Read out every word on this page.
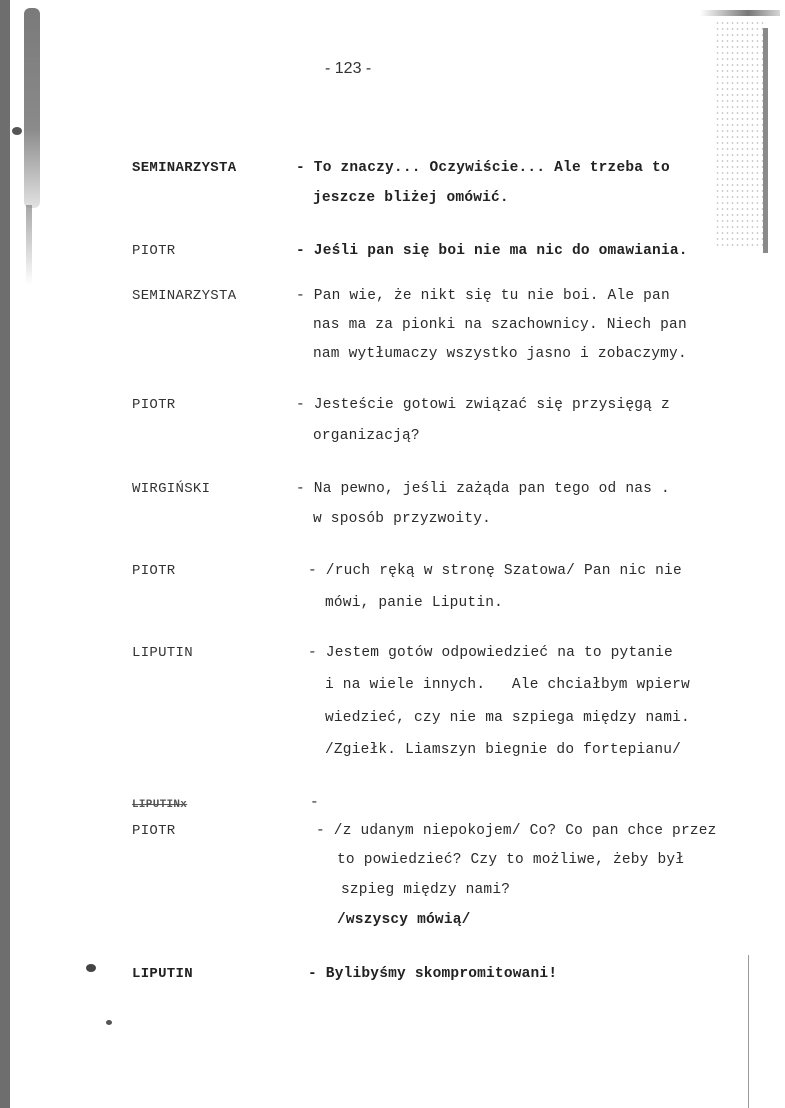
- 123 -
SEMINARZYSTA	- To znaczy... Oczywiście... Ale trzeba to
jeszcze bliżej omówić.
PIOTR	- Jeśli pan się boi nie ma nic do omawiania.
SEMINARZYSTA	- Pan wie, że nikt się tu nie boi. Ale pan
nas ma za pionki na szachownicy. Niech pan
nam wytłumaczy wszystko jasno i zobaczymy.
PIOTR	- Jesteście gotowi związać się przysięgą z
organizacją?
WIRGIŃSKI	- Na pewno, jeśli zażąda pan tego od nas .
w sposób przyzwoity.
PIOTR	- /ruch ręką w stronę Szatowa/ Pan nic nie
mówi, panie Liputin.
LIPUTIN	- Jestem gotów odpowiedzieć na to pytanie
i na wiele innych.   Ale chciałbym wpierw
wiedzieć, czy nie ma szpiega między nami.
/Zgiełk. Liamszyn biegnie do fortepianu/
LIPUTINx	-
PIOTR	- /z udanym niepokojem/ Co? Co pan chce przez
to powiedzieć? Czy to możliwe, żeby był
szpieg między nami?
/wszyscy mówią/
LIPUTIN	- Bylibyśmy skompromitowani!
